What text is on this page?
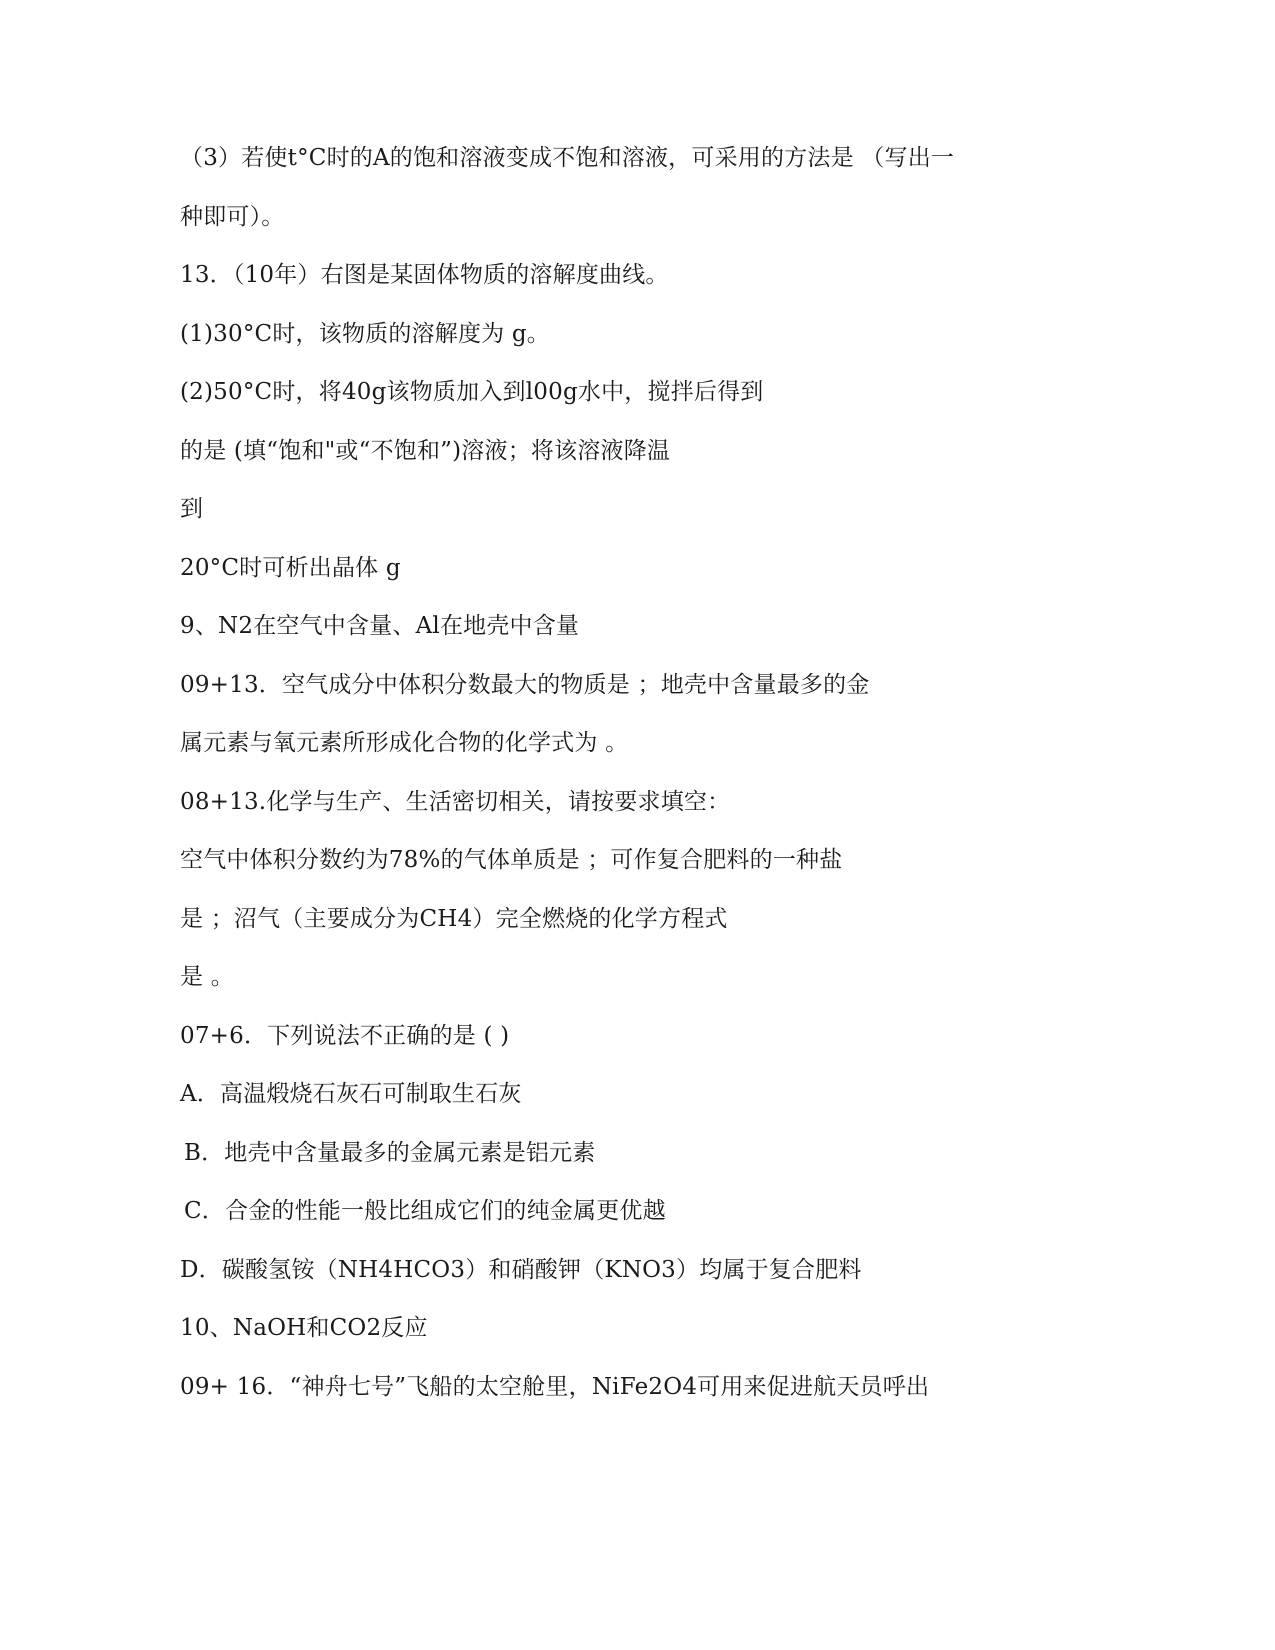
（3）若使t°C时的A的饱和溶液变成不饱和溶液，可采用的方法是 （写出一
种即可）。
13．（10年）右图是某固体物质的溶解度曲线。
(1)30°C时，该物质的溶解度为 g。
(2)50°C时，将40g该物质加入到l00g水中，搅拌后得到
的是 (填“饱和"或“不饱和”)溶液；将该溶液降温
到
20°C时可析出晶体 g
9、N2在空气中含量、Al在地壳中含量
09+13．空气成分中体积分数最大的物质是 ；地壳中含量最多的金
属元素与氧元素所形成化合物的化学式为 。
08+13.化学与生产、生活密切相关，请按要求填空：
空气中体积分数约为78%的气体单质是 ；可作复合肥料的一种盐
是 ；沼气（主要成分为CH4）完全燃烧的化学方程式
是 。
07+6．下列说法不正确的是 ( )
A．高温煅烧石灰石可制取生石灰
B．地壳中含量最多的金属元素是铝元素
C．合金的性能一般比组成它们的纯金属更优越
D．碳酸氢铵（NH4HCO3）和硝酸钾（KNO3）均属于复合肥料
10、NaOH和CO2反应
09+ 16．“神舟七号”飞船的太空舱里，NiFe2O4可用来促进航天员呼出
